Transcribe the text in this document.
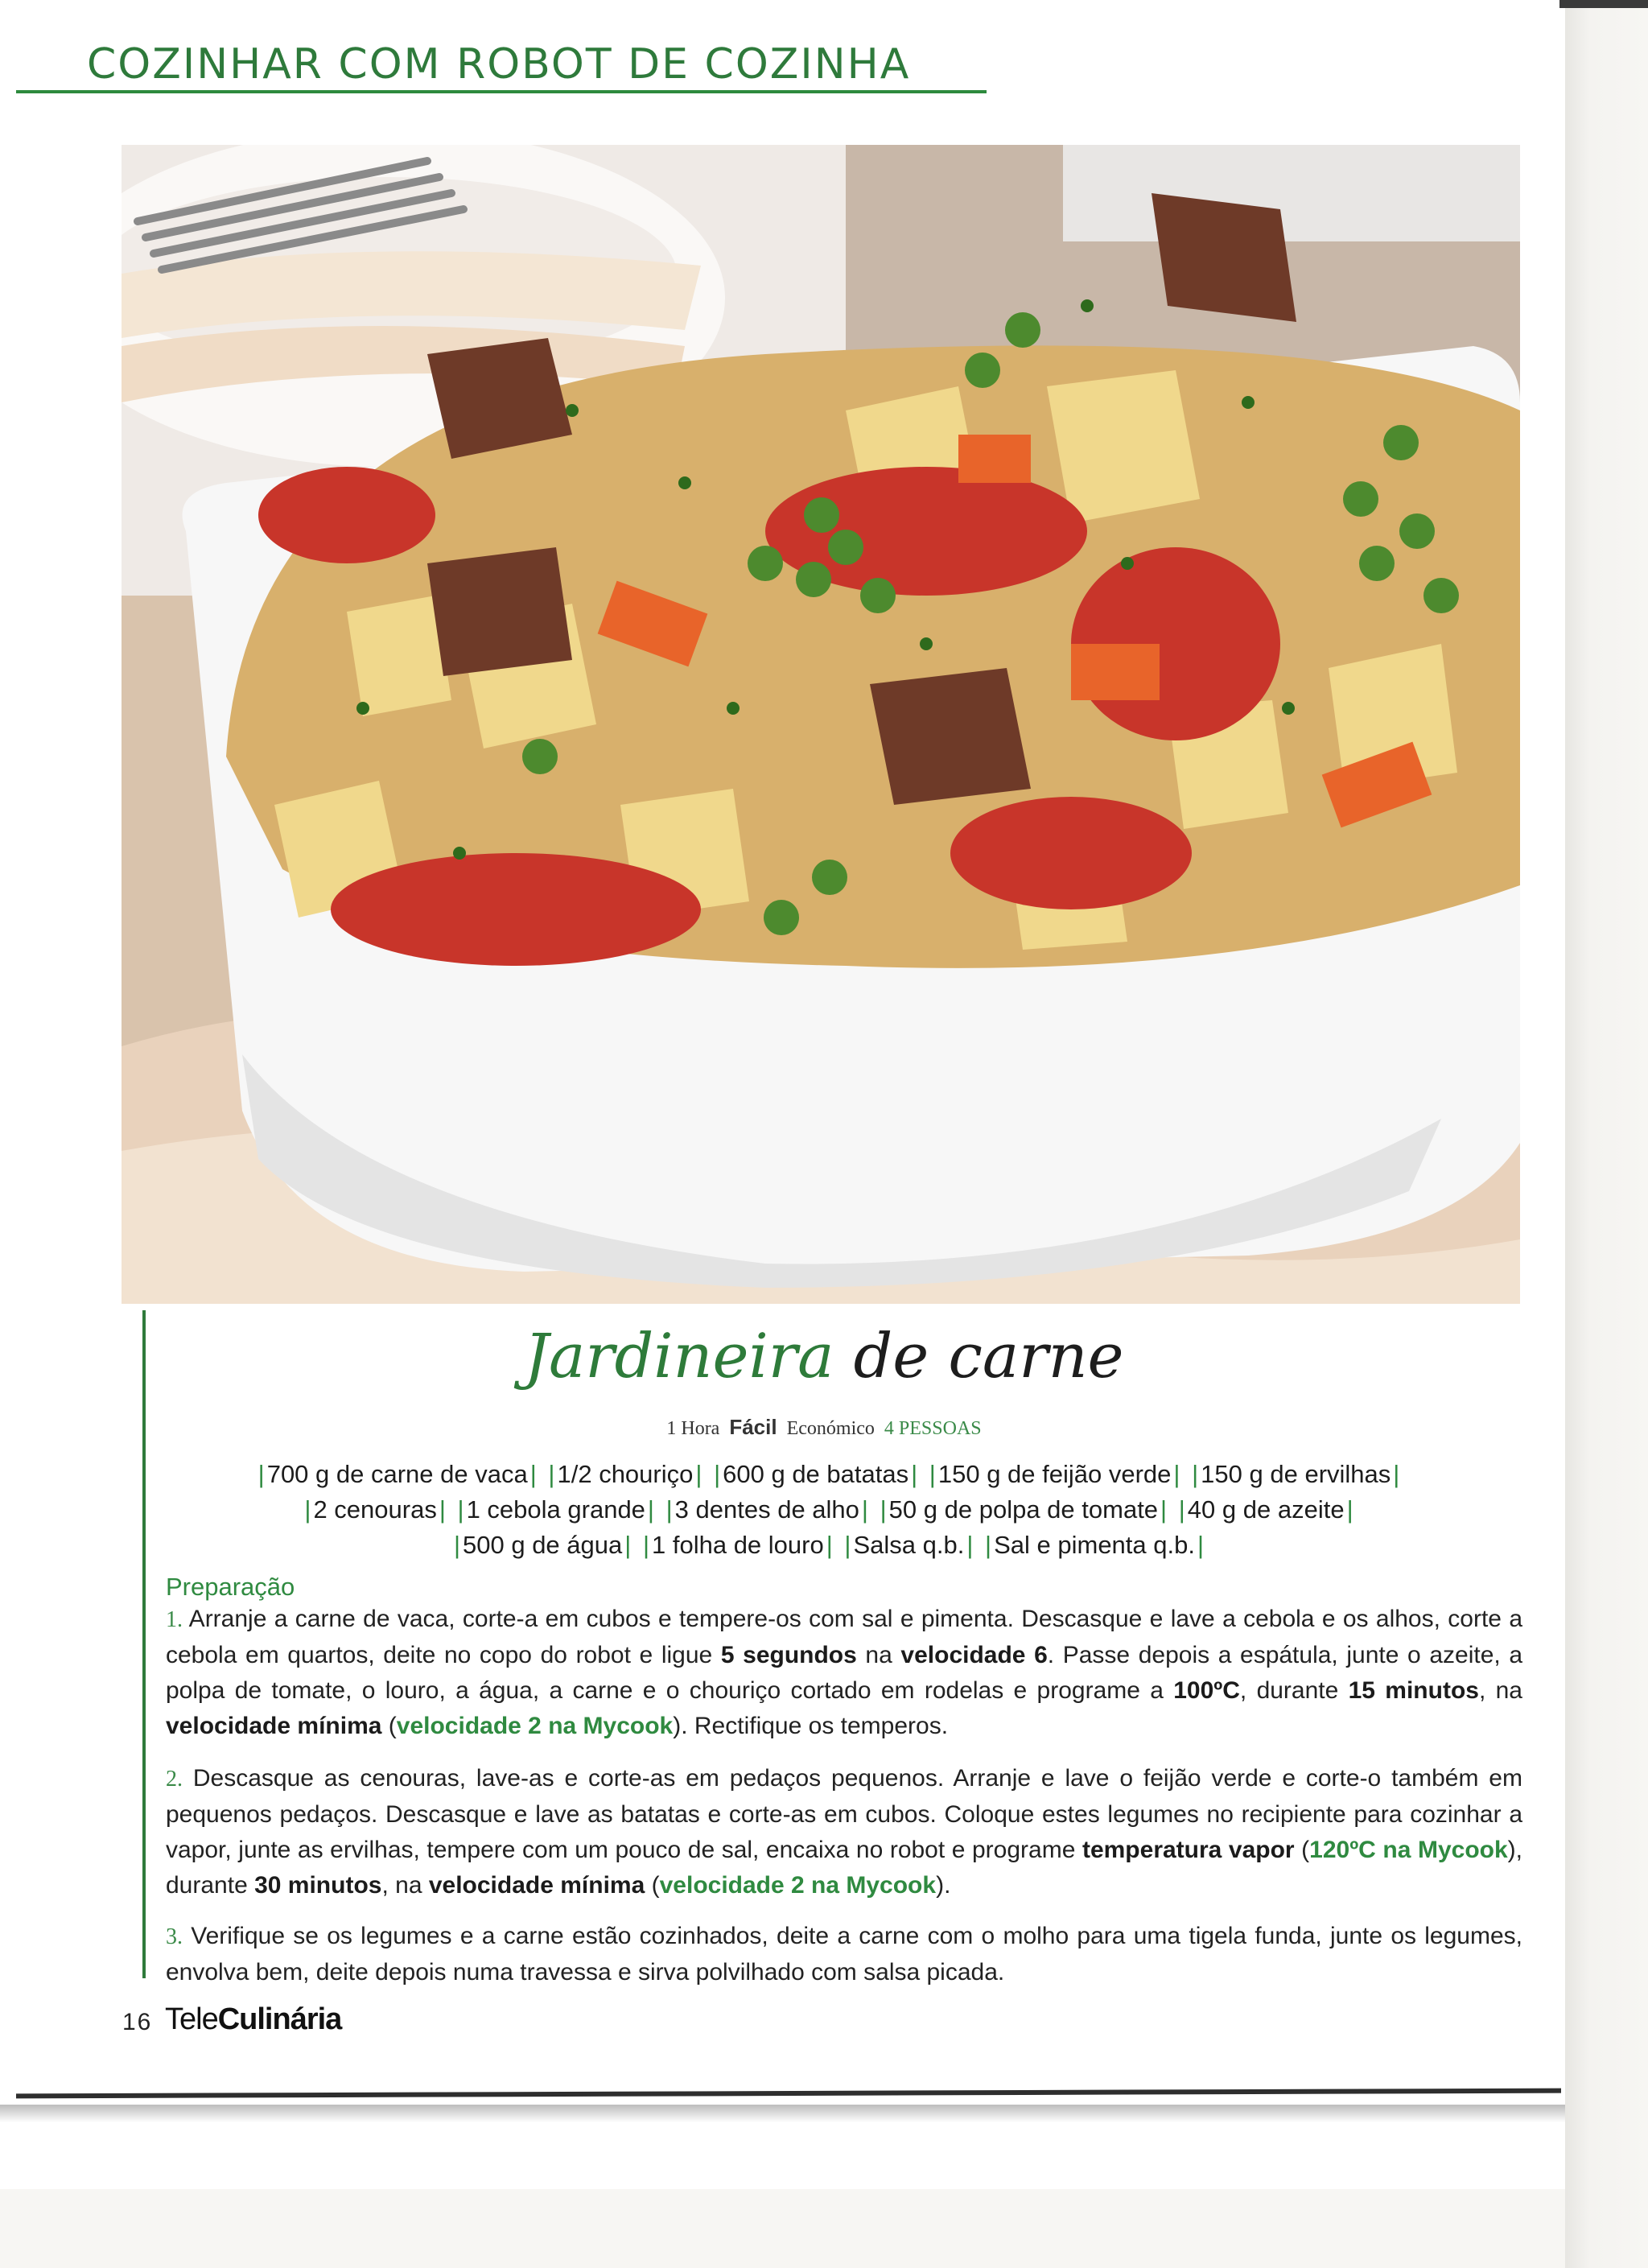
COZINHAR COM ROBOT DE COZINHA
Jardineira de carne
1 Hora Fácil Económico 4 PESSOAS
|700 g de carne de vaca| |1/2 chouriço| |600 g de batatas| |150 g de feijão verde| |150 g de ervilhas|
|2 cenouras| |1 cebola grande| |3 dentes de alho| |50 g de polpa de tomate| |40 g de azeite|
|500 g de água| |1 folha de louro| |Salsa q.b.| |Sal e pimenta q.b.|
Preparação
1. Arranje a carne de vaca, corte-a em cubos e tempere-os com sal e pimenta. Descasque e lave a cebola e os alhos, corte a cebola em quartos, deite no copo do robot e ligue 5 segundos na velocidade 6. Passe depois a espátula, junte o azeite, a polpa de tomate, o louro, a água, a carne e o chouriço cortado em rodelas e programe a 100ºC, durante 15 minutos, na velocidade mínima (velocidade 2 na Mycook). Rectifique os temperos.
2. Descasque as cenouras, lave-as e corte-as em pedaços pequenos. Arranje e lave o feijão verde e corte-o também em pequenos pedaços. Descasque e lave as batatas e corte-as em cubos. Coloque estes legumes no recipiente para cozinhar a vapor, junte as ervilhas, tempere com um pouco de sal, encaixa no robot e programe temperatura vapor (120ºC na Mycook), durante 30 minutos, na velocidade mínima (velocidade 2 na Mycook).
3. Verifique se os legumes e a carne estão cozinhados, deite a carne com o molho para uma tigela funda, junte os legumes, envolva bem, deite depois numa travessa e sirva polvilhado com salsa picada.
16 TeleCulinária
